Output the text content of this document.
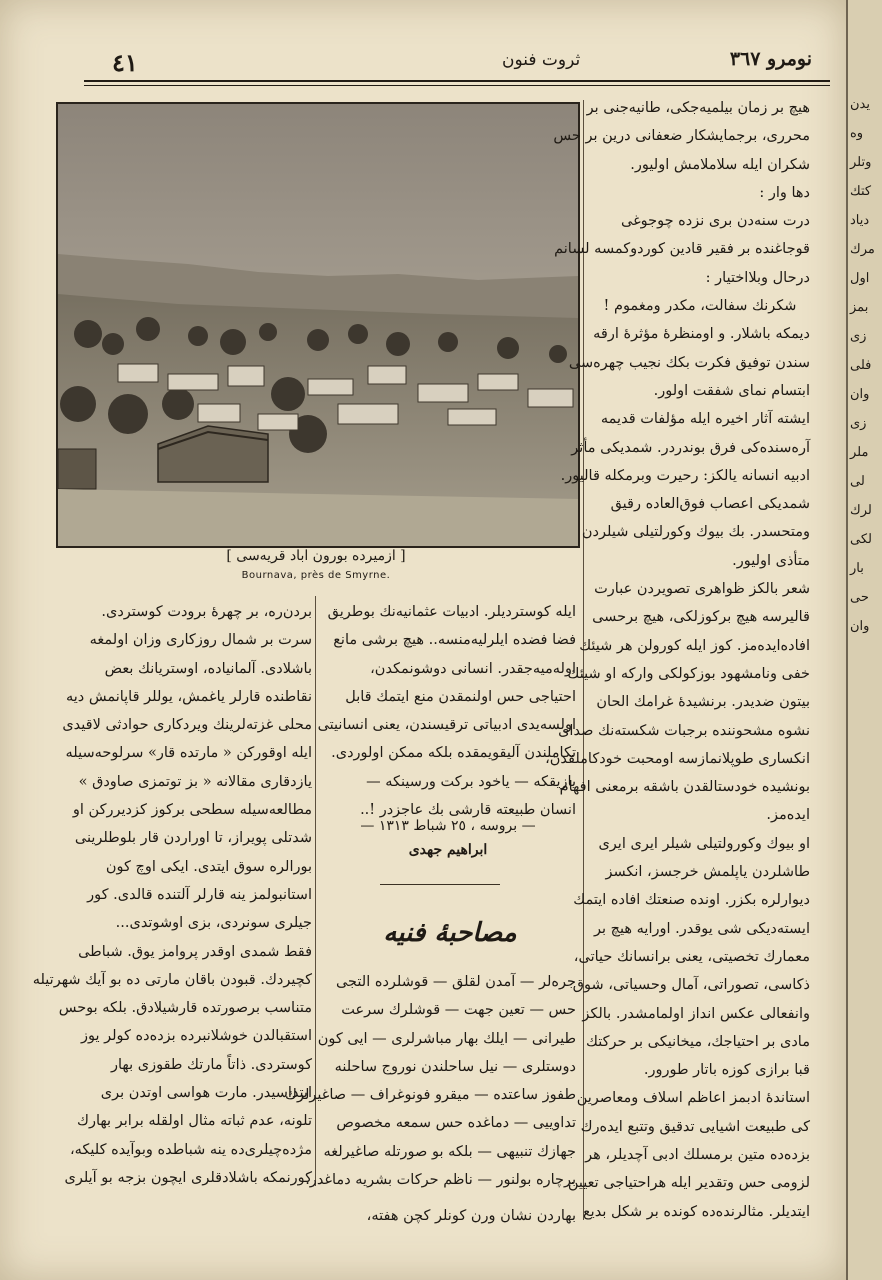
٤١	ثروت فنون	نومرو ٣٦٧
[ ازميرده بورون اباد قريه‌سی ]
Bournava, près de Smyrne.
هیچ بر زمان بیلمیه‌جکی، طانیه‌جنی بر
محرری، برجمایشکار ضعفانی درین بر حس
شکران ایله سلاملامش اولیور.
دها وار :
درت سنه‌دن بری نزده چوجوغی
قوجاغنده بر فقیر قادین کوردوکمسه لسانم
درحال وبلااختیار :
شکرنك سفالت، مکدر ومغموم !
دیمکه باشلار. و اومنظره‌ٔ مؤثره‌ٔ ارقه‌
سندن توفیق فکرت بکك نجیب چهره‌سی
ابتسام نمای شفقت اولور.
ایشته آثار اخیره ایله مؤلفات قدیمه
آره‌سنده‌کی فرق بوندردر. شمدیکی مأثر
ادبیه انسانه یالکز: رحیرت وبرمکله قالیور.
شمدیکی اعصاب فوق‌العاده رقیق
ومتحسدر. بك بیوك وکورلتیلی شیلردن
متأذی اولیور.
شعر بالکز ظواهری تصویردن عبارت
قالیرسه هیچ برکوزلکی، هیچ برحسی
افاده‌ایده‌مز. کوز ایله کورولن هر شیئك
خفی ونامشهود بوزکولکی وارکه او شیئك
بیتون ضدیدر. برنشیدهٔ غرامك الحان
نشوه مشحوننده برجبات شکسته‌نك صدای
انکساری طوپلانمازسه اومحبت خودکاملقدن،
بونشیده خودستالقدن باشقه برمعنی افهام
ایده‌مز.
او بیوك وکورولتیلی شیلر ایری ایری
طاشلردن یاپلمش خرجسز، انکسز
دیوارلره بکزر. اونده صنعتك افاده ایتمك
ایسته‌دیکی شی یوقدر. اورایه هیچ بر
معمارك تخصیتی، یعنی برانسانك حیاتی،
ذکاسی، تصوراتی، آمال وحسیاتی، شوق
وانفعالی عکس انداز اولمامشدر. بالکز
مادی بر احتیاجك، میخانیکی بر حرکتك
قبا برازی کوزه باتار طورور.
استاندهٔ ادبمز اعاظم اسلاف ومعاصرین
کی طبیعت اشیایی تدقیق وتتبع ایده‌رك
بزده‌ده متین برمسلك ادبی آچدیلر، هر
لزومی حس وتقدیر ایله هراحتیاجی تعیین
ایتدیلر. مثالرنده‌ده کونده بر شکل بدیع
ایله کوستردیلر. ادبیات عثمانیه‌نك بوطریق
فضا فضده ایلرلیه‌منسه.. هیچ برشی مانع
اوله‌میه‌جقدر. انسانی دوشونمکدن،
احتیاجی حس اولنمقدن منع ایتمك قابل
اولسه‌یدی ادبیاتی ترقیسندن، یعنی انسانیتی
تکاملندن آلیقویمقده بلکه ممکن اولوردی.
یازیقکه — یاخود برکت ورسینکه —
انسان طبیعته قارشی بك عاجزدر !..
— بروسه ، ٢٥ شباط ١٣١٣ —
ابراهیم جهدی
مصاحبهٔ فنیه
جره‌لر — آمدن لقلق — قوشلرده التجی
حس — تعین جهت — قوشلرك سرعت
طیرانی — ایلك بهار مباشرلری — ایی کون
دوستلری — نیل ساحلندن نوروج ساحلنه
طفوز ساعتده — میقرو فونوغراف — صاغیرلرك
تداوییی — دماغده حس سمعه مخصوص
جهازك تنبیهی — بلکه بو صورتله صاغیرلغه
برچاره بولنور — ناظم حرکات بشریه دماغدر.
بهاردن نشان ورن کونلر کچن هفته،
بردن‌ره، بر چهرهٔ برودت کوستردی.
سرت بر شمال روزکاری وزان اولمغه
باشلادی. آلمانیاده، اوستریانك بعض
نقاطنده قارلر یاغمش، یوللر قاپانمش دیه
محلی غزته‌لرینك ویردکاری حوادثی لاقیدی
ایله اوقورکن « مارتده قار» سرلوحه‌سیله
یازدقاری مقالانه « بز توتمزی صاودق »
مطالعه‌سیله سطحی برکوز کزدیررکن او
شدتلی پویراز، تا اوراردن قار بلوطلرینی
بورالره سوق ایتدی. ایکی اوچ کون
استانبولمز ینه قارلر آلتنده قالدی. کور
جیلری سونردی، بزی اوشوتدی...
فقط شمدی اوقدر پروامز یوق. شباطی
کچیردك. قبودن باقان مارتی ده بو آیك شهرتیله
متناسب برصورتده قارشیلادق. بلکه بوحس
استقبالدن خوشلانبرده بزده‌ده کولر یوز
کوستردی. ذاتاً مارتك طقوزی بهار
ابتداسیدر. مارت هواسی اوتدن بری
تلونه، عدم ثباته مثال اولقله برابر بهارك
مژده‌چیلری‌ده ینه شباطده وبوآیده کلیکه،
کورنمکه باشلادقلری ایچون بزجه بو آیلری
یدن
وه
وتلر
کتك
د‌یاد
مرك
اول
بمز
زی
فلی
وان
زی
ملر
لی
لرك
لکی
بار
حی
وان
